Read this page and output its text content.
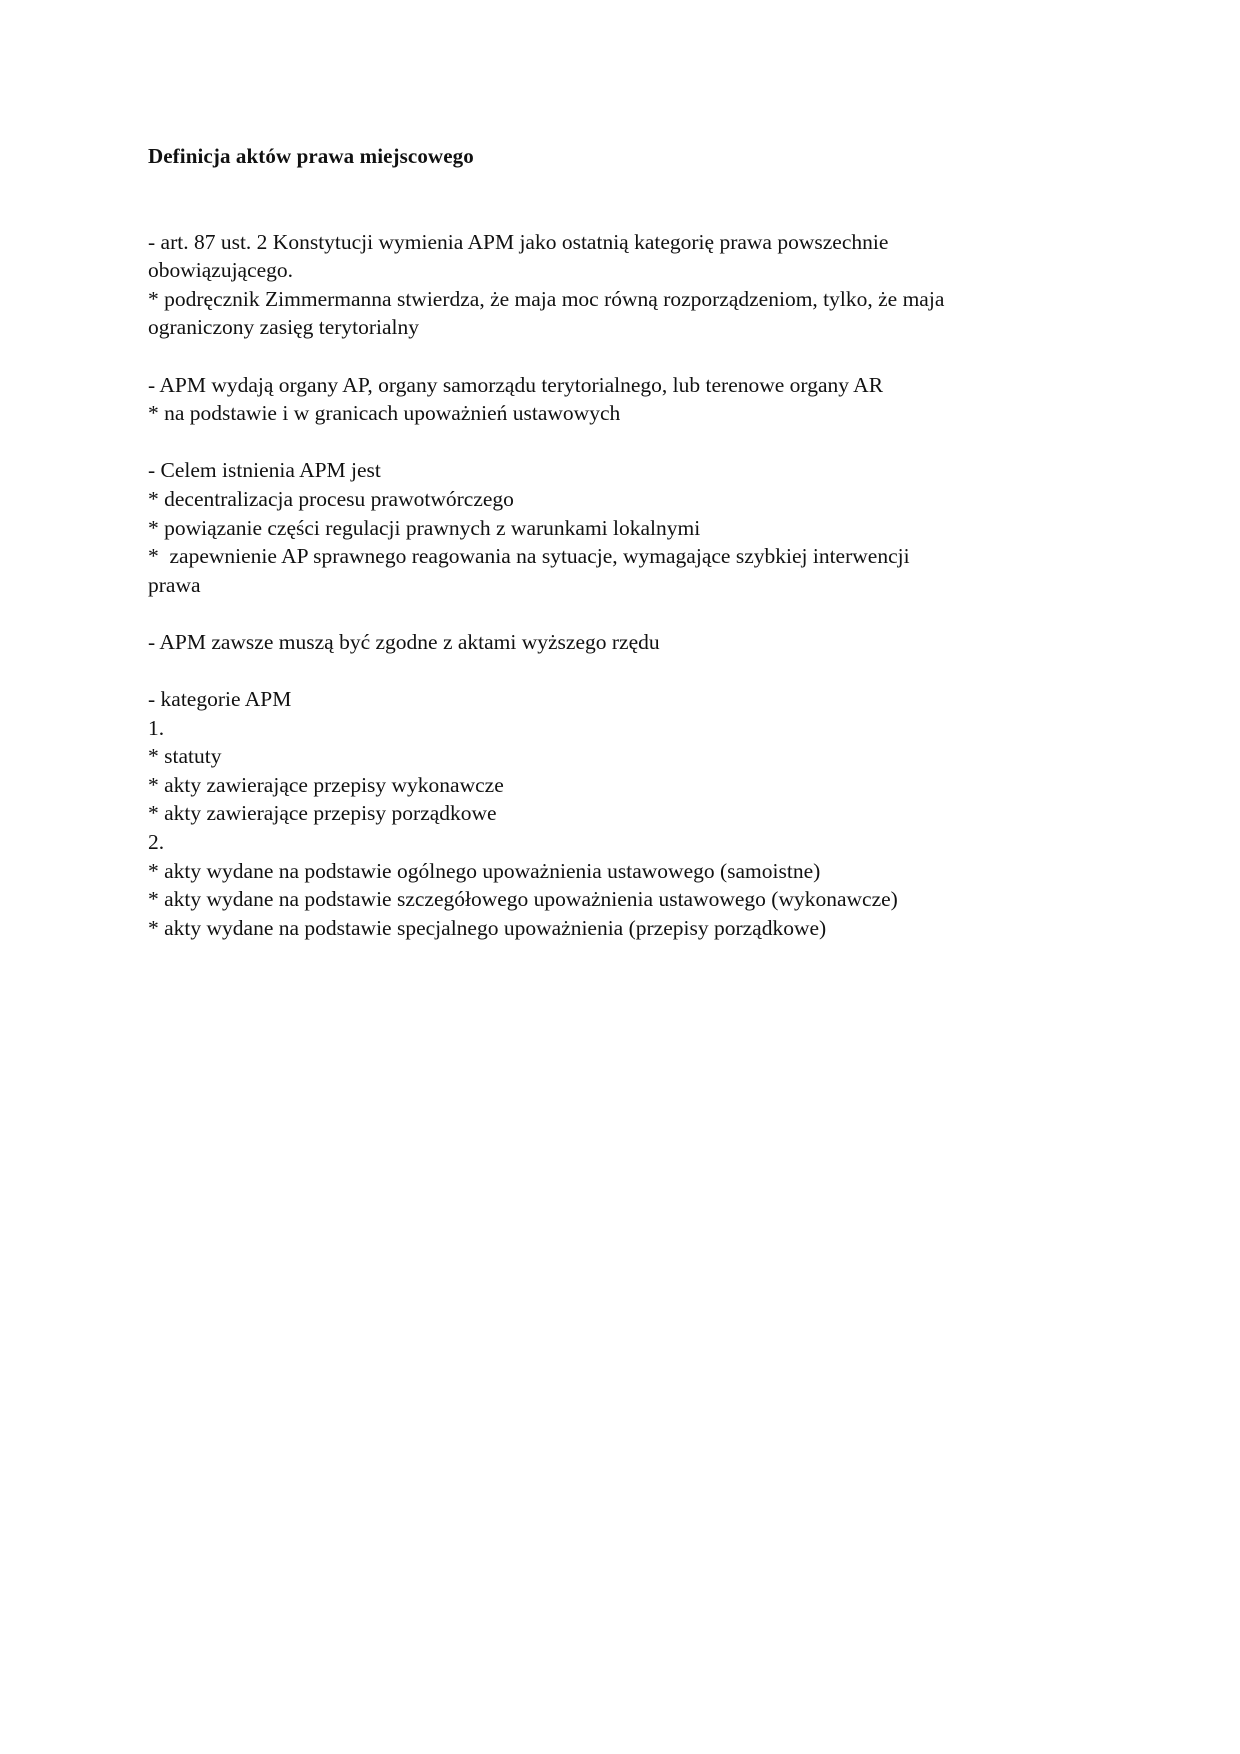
Definicja aktów prawa miejscowego

- art. 87 ust. 2 Konstytucji wymienia APM jako ostatnią kategorię prawa powszechnie

obowiązującego.

* podręcznik Zimmermanna stwierdza, że maja moc równą rozporządzeniom, tylko, że maja

ograniczony zasięg terytorialny

- APM wydają organy AP, organy samorządu terytorialnego, lub terenowe organy AR

* na podstawie i w granicach upoważnień ustawowych

- Celem istnienia APM jest

* decentralizacja procesu prawotwórczego

* powiązanie części regulacji prawnych z warunkami lokalnymi

*  zapewnienie AP sprawnego reagowania na sytuacje, wymagające szybkiej interwencji

prawa

- APM zawsze muszą być zgodne z aktami wyższego rzędu

- kategorie APM

1.

* statuty

* akty zawierające przepisy wykonawcze

* akty zawierające przepisy porządkowe

2.

* akty wydane na podstawie ogólnego upoważnienia ustawowego (samoistne)

* akty wydane na podstawie szczegółowego upoważnienia ustawowego (wykonawcze)

* akty wydane na podstawie specjalnego upoważnienia (przepisy porządkowe)
